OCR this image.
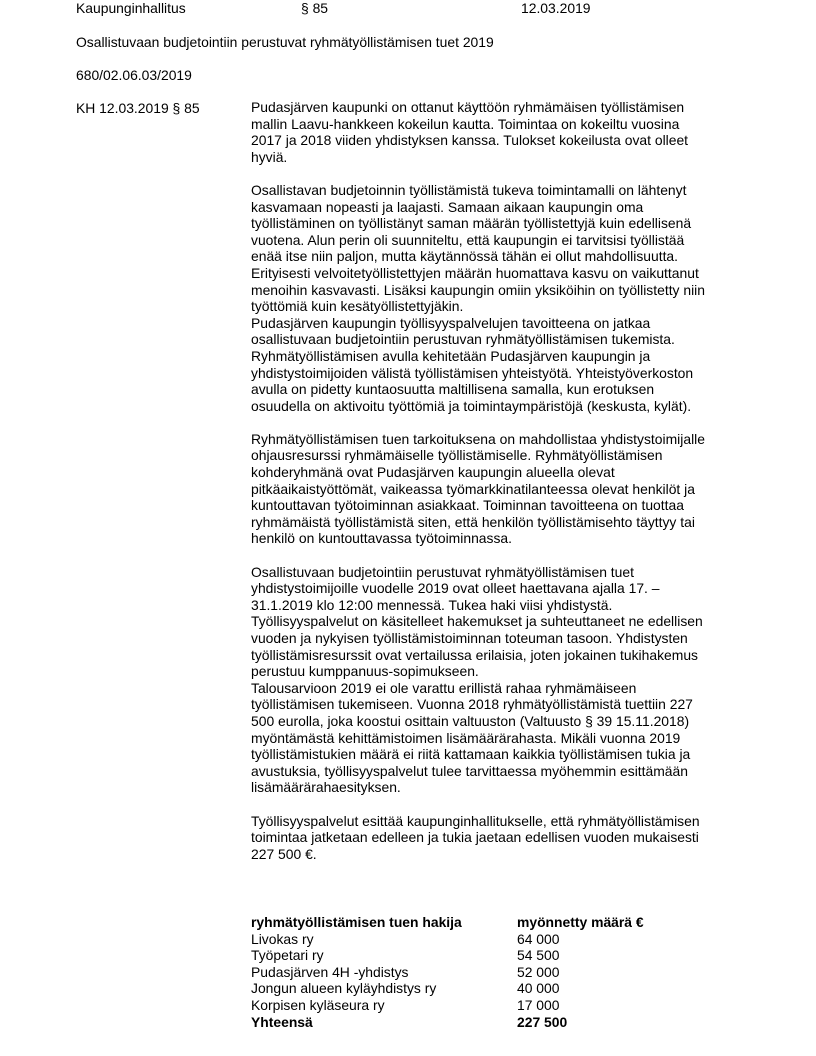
Kaupunginhallitus	§ 85	12.03.2019
Osallistuvaan budjetointiin perustuvat ryhmätyöllistämisen tuet 2019
680/02.06.03/2019
KH 12.03.2019 § 85	Pudasjärven kaupunki on ottanut käyttöön ryhmämäisen työllistämisen
mallin Laavu-hankkeen kokeilun kautta. Toimintaa on kokeiltu vuosina
2017 ja 2018 viiden yhdistyksen kanssa. Tulokset kokeilusta ovat olleet
hyviä.
Osallistavan budjetoinnin työllistämistä tukeva toimintamalli on lähtenyt
kasvamaan nopeasti ja laajasti. Samaan aikaan kaupungin oma
työllistäminen on työllistänyt saman määrän työllistettyjä kuin edellisenä
vuotena. Alun perin oli suunniteltu, että kaupungin ei tarvitsisi työllistää
enää itse niin paljon, mutta käytännössä tähän ei ollut mahdollisuutta.
Erityisesti velvoitetyöllistettyjen määrän huomattava kasvu on vaikuttanut
menoihin kasvavasti. Lisäksi kaupungin omiin yksiköihin on työllistetty niin
työttömiä kuin kesätyöllistettyjäkin.
Pudasjärven kaupungin työllisyyspalvelujen tavoitteena on jatkaa
osallistuvaan budjetointiin perustuvan ryhmätyöllistämisen tukemista.
Ryhmätyöllistämisen avulla kehitetään Pudasjärven kaupungin ja
yhdistystoimijoiden välistä työllistämisen yhteistyötä. Yhteistyöverkoston
avulla on pidetty kuntaosuutta maltillisena samalla, kun erotuksen
osuudella on aktivoitu työttömiä ja toimintaympäristöjä (keskusta, kylät).
Ryhmätyöllistämisen tuen tarkoituksena on mahdollistaa yhdistystoimijalle
ohjausresurssi ryhmämäiselle työllistämiselle. Ryhmätyöllistämisen
kohderyhmänä ovat Pudasjärven kaupungin alueella olevat
pitkäaikaistyöttömät, vaikeassa työmarkkinatilanteessa olevat henkilöt ja
kuntouttavan työtoiminnan asiakkaat. Toiminnan tavoitteena on tuottaa
ryhmämäistä työllistämistä siten, että henkilön työllistämisehto täyttyy tai
henkilö on kuntouttavassa työtoiminnassa.
Osallistuvaan budjetointiin perustuvat ryhmätyöllistämisen tuet
yhdistystoimijoille vuodelle 2019 ovat olleet haettavana ajalla 17. –
31.1.2019 klo 12:00 mennessä. Tukea haki viisi yhdistystä.
Työllisyyspalvelut on käsitelleet hakemukset ja suhteuttaneet ne edellisen
vuoden ja nykyisen työllistämistoiminnan toteuman tasoon. Yhdistysten
työllistämisresurssit ovat vertailussa erilaisia, joten jokainen tukihakemus
perustuu kumppanuus-sopimukseen.
Talousarvioon 2019 ei ole varattu erillistä rahaa ryhmämäiseen
työllistämisen tukemiseen. Vuonna 2018 ryhmätyöllistämistä tuettiin 227
500 eurolla, joka koostui osittain valtuuston (Valtuusto § 39 15.11.2018)
myöntämästä kehittämistoimen lisämäärärahasta. Mikäli vuonna 2019
työllistämistukien määrä ei riitä kattamaan kaikkia työllistämisen tukia ja
avustuksia, työllisyyspalvelut tulee tarvittaessa myöhemmin esittämään
lisämäärärahaesityksen.
Työllisyyspalvelut esittää kaupunginhallitukselle, että ryhmätyöllistämisen
toimintaa jatketaan edelleen ja tukia jaetaan edellisen vuoden mukaisesti
227 500 €.
ryhmätyöllistämisen tuen hakija	myönnetty määrä €
Livokas ry	64 000
Työpetari ry	54 500
Pudasjärven 4H -yhdistys	52 000
Jongun alueen kyläyhdistys ry	40 000
Korpisen kyläseura ry	17 000
Yhteensä	227 500
